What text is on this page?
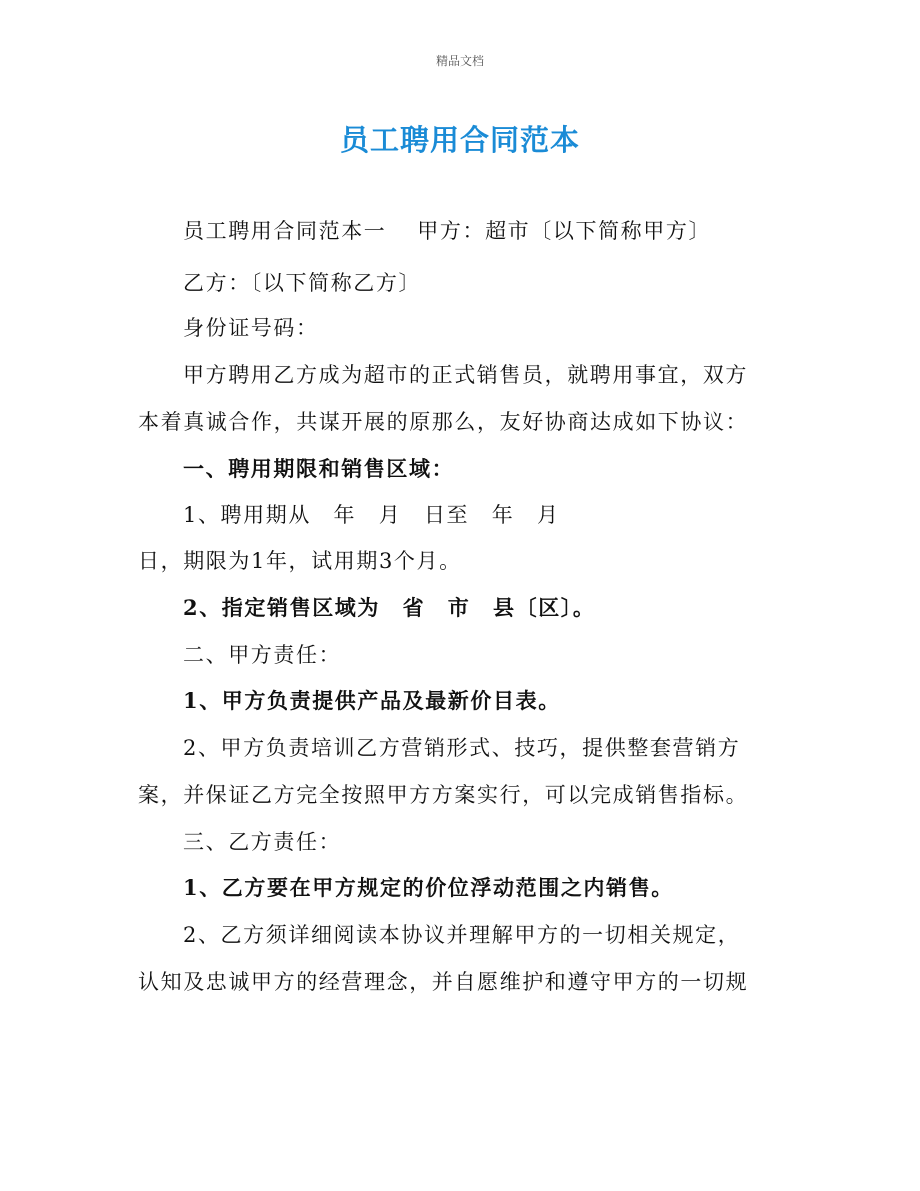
精品文档
员工聘用合同范本
员工聘用合同范本一　 甲方：超市〔以下简称甲方〕
乙方：〔以下简称乙方〕
身份证号码：
甲方聘用乙方成为超市的正式销售员，就聘用事宜，双方
本着真诚合作，共谋开展的原那么，友好协商达成如下协议：
一、聘用期限和销售区域：
1、聘用期从　年　月　日至　年　月
日，期限为1年，试用期3个月。
2、指定销售区域为　省　市　县〔区〕。
二、甲方责任：
1、甲方负责提供产品及最新价目表。
2、甲方负责培训乙方营销形式、技巧，提供整套营销方
案，并保证乙方完全按照甲方方案实行，可以完成销售指标。
三、乙方责任：
1、乙方要在甲方规定的价位浮动范围之内销售。
2、乙方须详细阅读本协议并理解甲方的一切相关规定，
认知及忠诚甲方的经营理念，并自愿维护和遵守甲方的一切规
